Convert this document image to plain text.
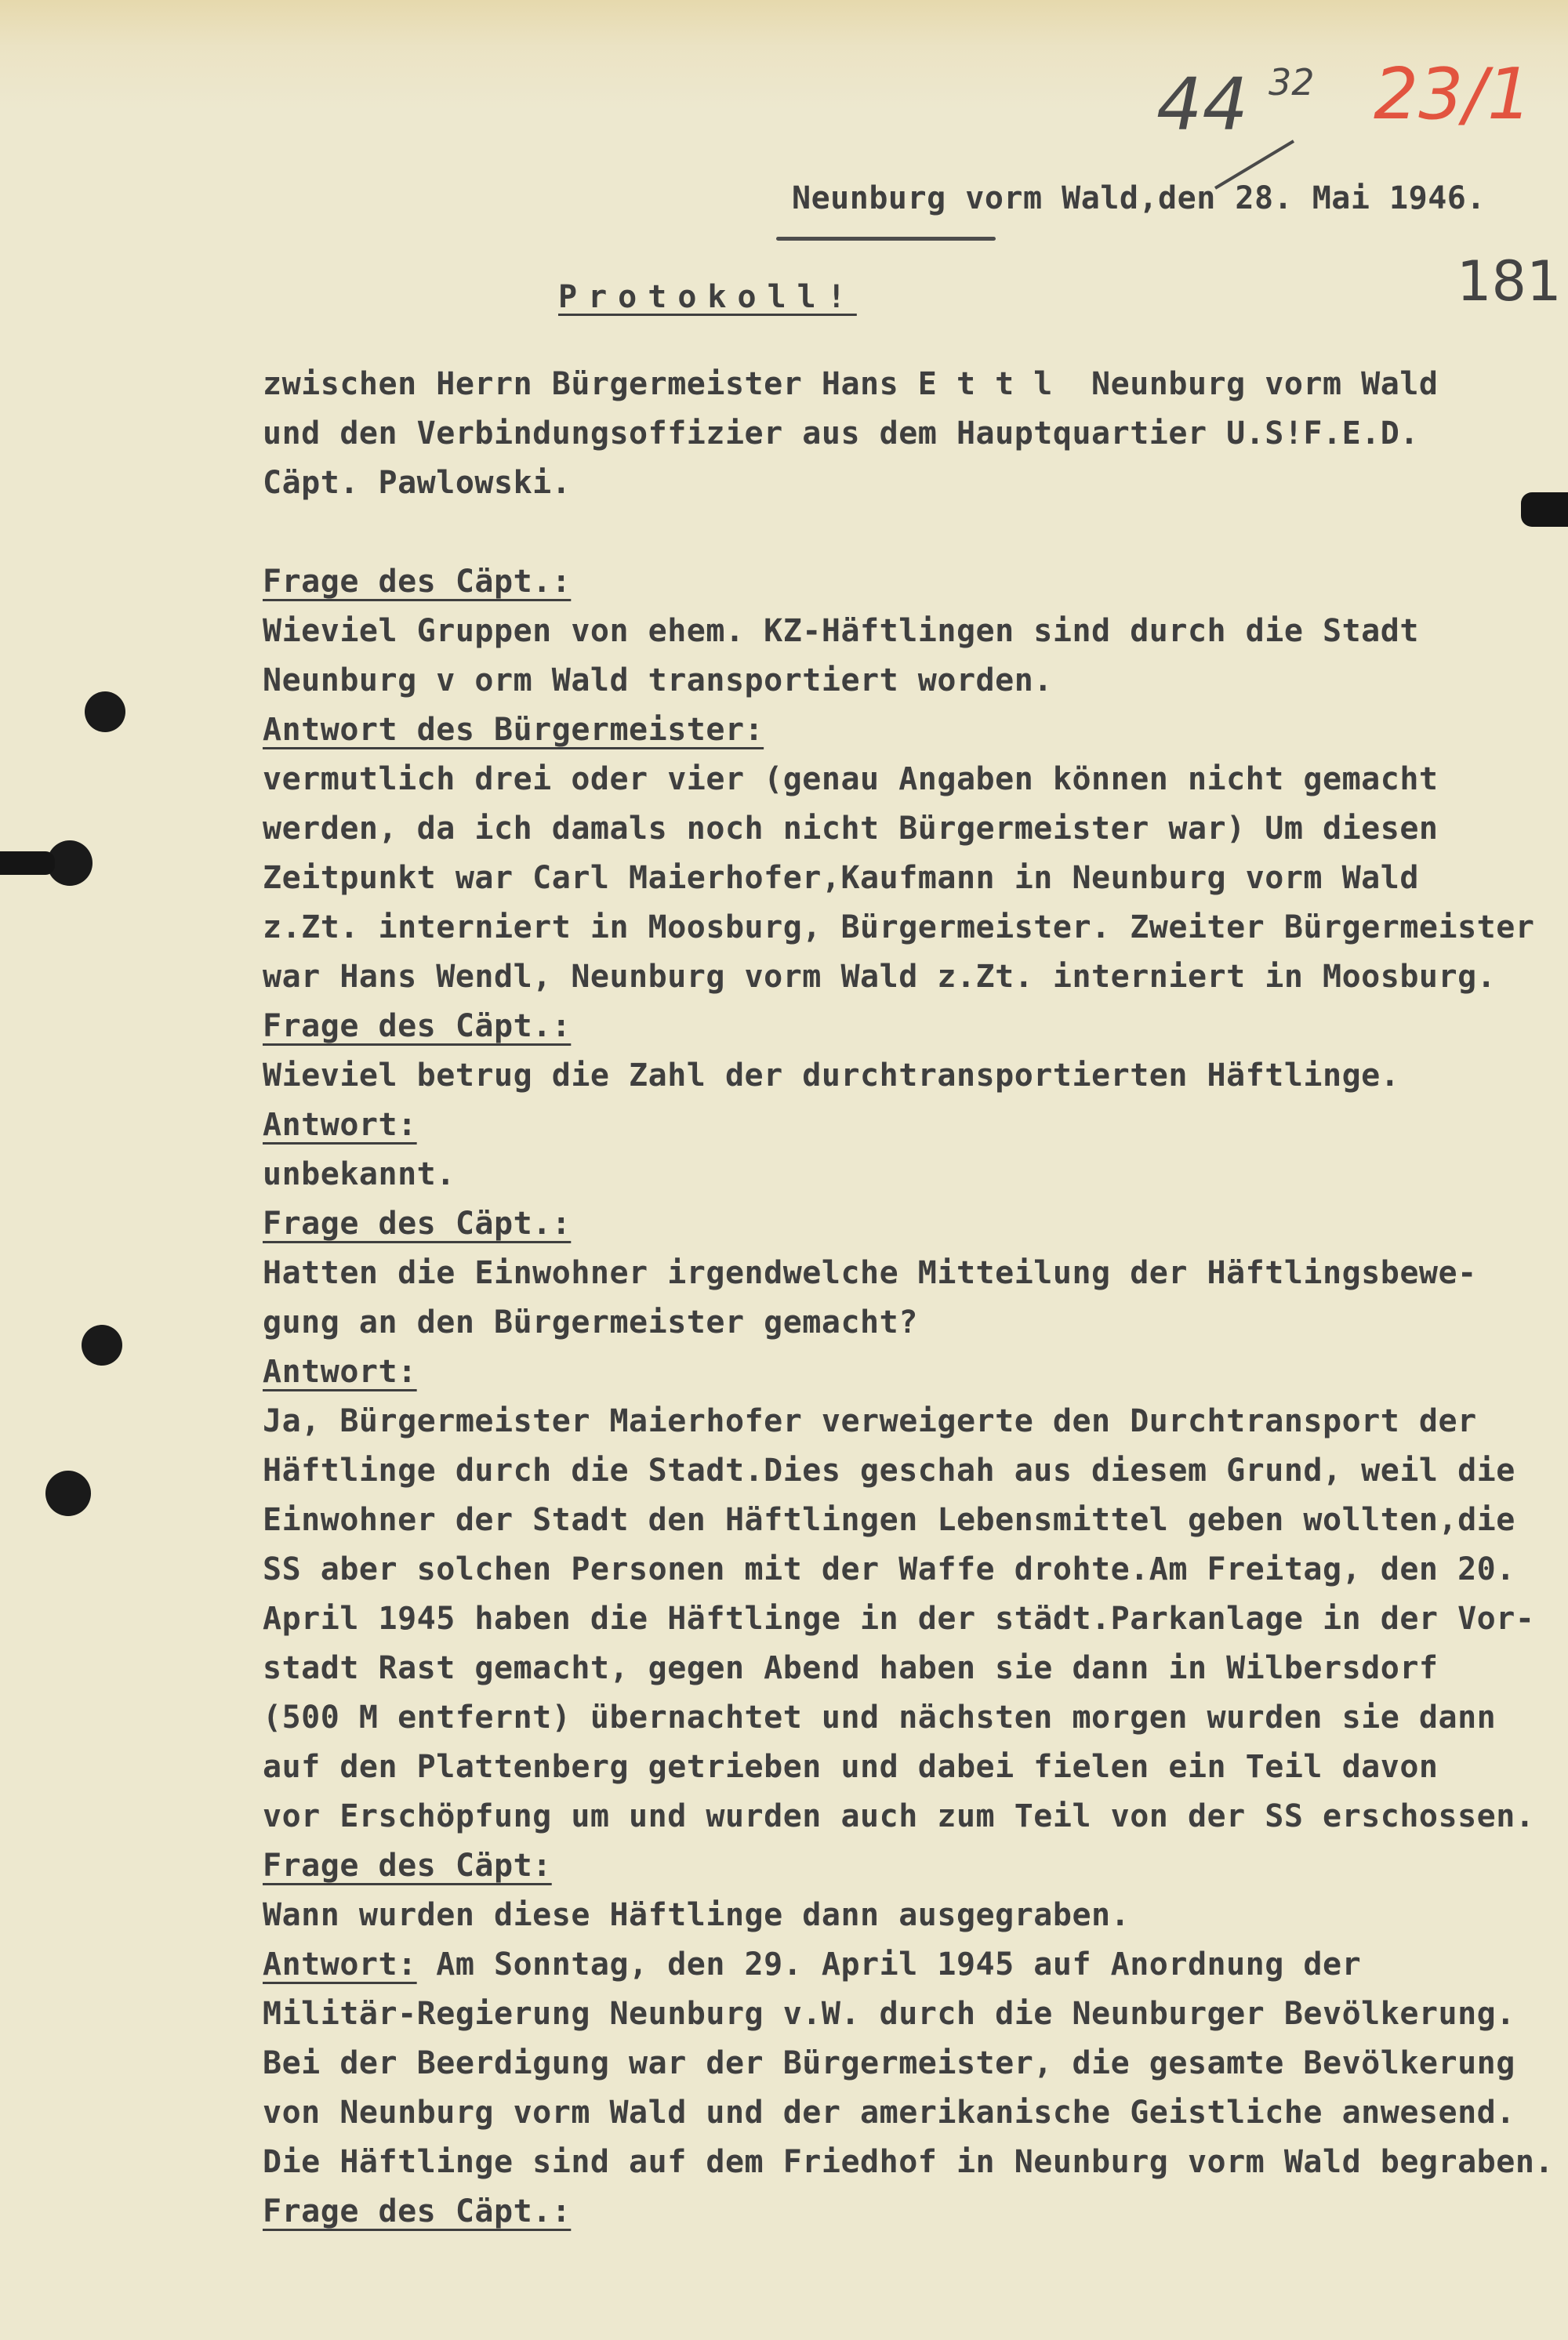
44 32 23/1
181
Neunburg vorm Wald,den 28. Mai 1946.
Protokoll!
zwischen Herrn Bürgermeister Hans E t t l  Neunburg vorm Wald
und den Verbindungsoffizier aus dem Hauptquartier U.S!F.E.D.
Cäpt. Pawlowski.
Frage des Cäpt.:
Wieviel Gruppen von ehem. KZ-Häftlingen sind durch die Stadt
Neunburg v orm Wald transportiert worden.
Antwort des Bürgermeister:
vermutlich drei oder vier (genau Angaben können nicht gemacht
werden, da ich damals noch nicht Bürgermeister war) Um diesen
Zeitpunkt war Carl Maierhofer,Kaufmann in Neunburg vorm Wald
z.Zt. interniert in Moosburg, Bürgermeister. Zweiter Bürgermeister
war Hans Wendl, Neunburg vorm Wald z.Zt. interniert in Moosburg.
Frage des Cäpt.:
Wieviel betrug die Zahl der durchtransportierten Häftlinge.
Antwort:
unbekannt.
Frage des Cäpt.:
Hatten die Einwohner irgendwelche Mitteilung der Häftlingsbewe-
gung an den Bürgermeister gemacht?
Antwort:
Ja, Bürgermeister Maierhofer verweigerte den Durchtransport der
Häftlinge durch die Stadt.Dies geschah aus diesem Grund, weil die
Einwohner der Stadt den Häftlingen Lebensmittel geben wollten,die
SS aber solchen Personen mit der Waffe drohte.Am Freitag, den 20.
April 1945 haben die Häftlinge in der städt.Parkanlage in der Vor-
stadt Rast gemacht, gegen Abend haben sie dann in Wilbersdorf
(500 M entfernt) übernachtet und nächsten morgen wurden sie dann
auf den Plattenberg getrieben und dabei fielen ein Teil davon
vor Erschöpfung um und wurden auch zum Teil von der SS erschossen.
Frage des Cäpt:
Wann wurden diese Häftlinge dann ausgegraben.
Antwort: Am Sonntag, den 29. April 1945 auf Anordnung der
Militär-Regierung Neunburg v.W. durch die Neunburger Bevölkerung.
Bei der Beerdigung war der Bürgermeister, die gesamte Bevölkerung
von Neunburg vorm Wald und der amerikanische Geistliche anwesend.
Die Häftlinge sind auf dem Friedhof in Neunburg vorm Wald begraben.
Frage des Cäpt.:
